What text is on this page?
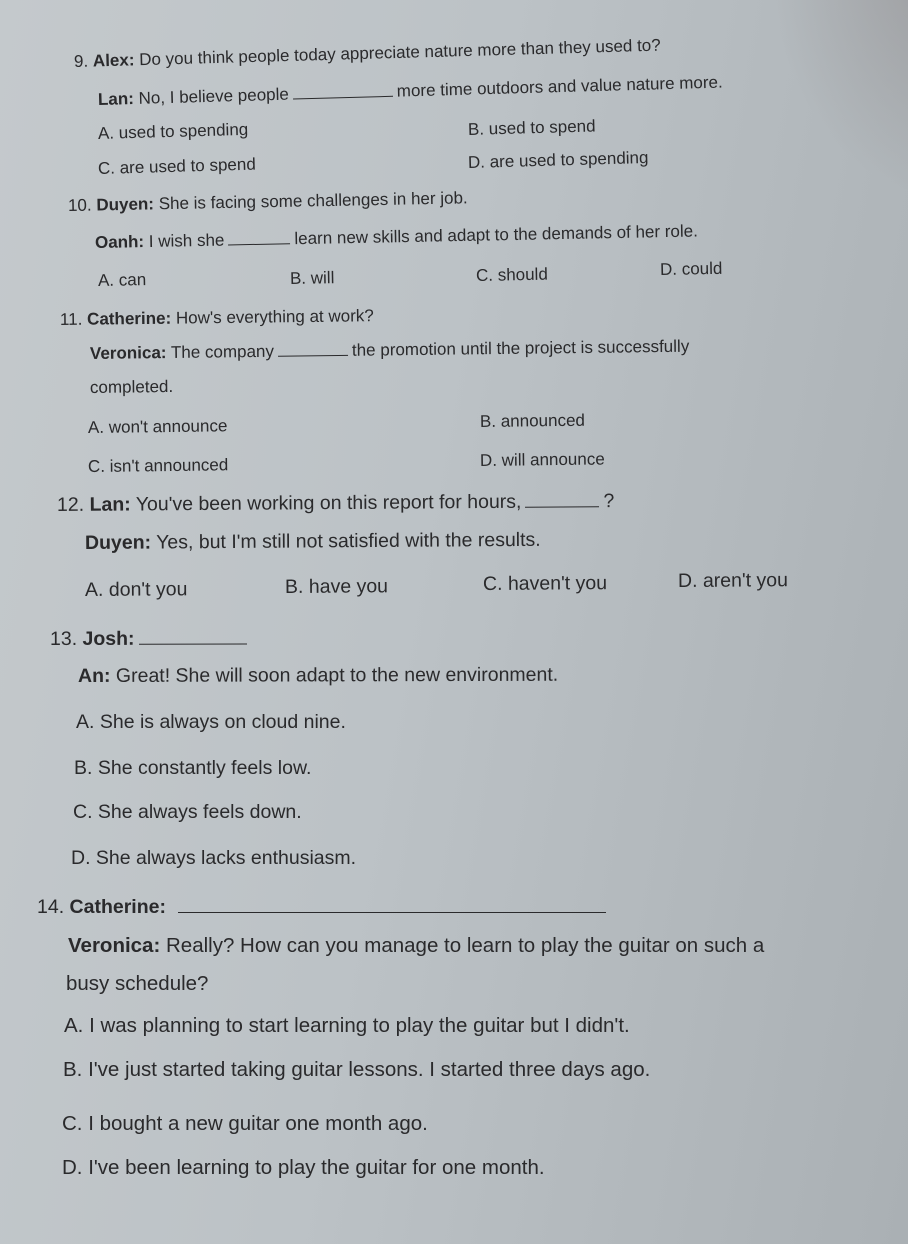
9. Alex: Do you think people today appreciate nature more than they used to?
Lan: No, I believe people	more time outdoors and value nature more.
A. used to spending	B. used to spend
C. are used to spend	D. are used to spending
10. Duyen: She is facing some challenges in her job.
Oanh: I wish she	learn new skills and adapt to the demands of her role.
A. can	B. will	C. should	D. could
11. Catherine: How's everything at work?
Veronica: The company	the promotion until the project is successfully
completed.
A. won't announce	B. announced
C. isn't announced	D. will announce
12. Lan: You've been working on this report for hours,	?
Duyen: Yes, but I'm still not satisfied with the results.
A. don't you	B. have you	C. haven't you	D. aren't you
13. Josh:
An: Great! She will soon adapt to the new environment.
A. She is always on cloud nine.
B. She constantly feels low.
C. She always feels down.
D. She always lacks enthusiasm.
14. Catherine:
Veronica: Really? How can you manage to learn to play the guitar on such a
busy schedule?
A. I was planning to start learning to play the guitar but I didn't.
B. I've just started taking guitar lessons. I started three days ago.
C. I bought a new guitar one month ago.
D. I've been learning to play the guitar for one month.
